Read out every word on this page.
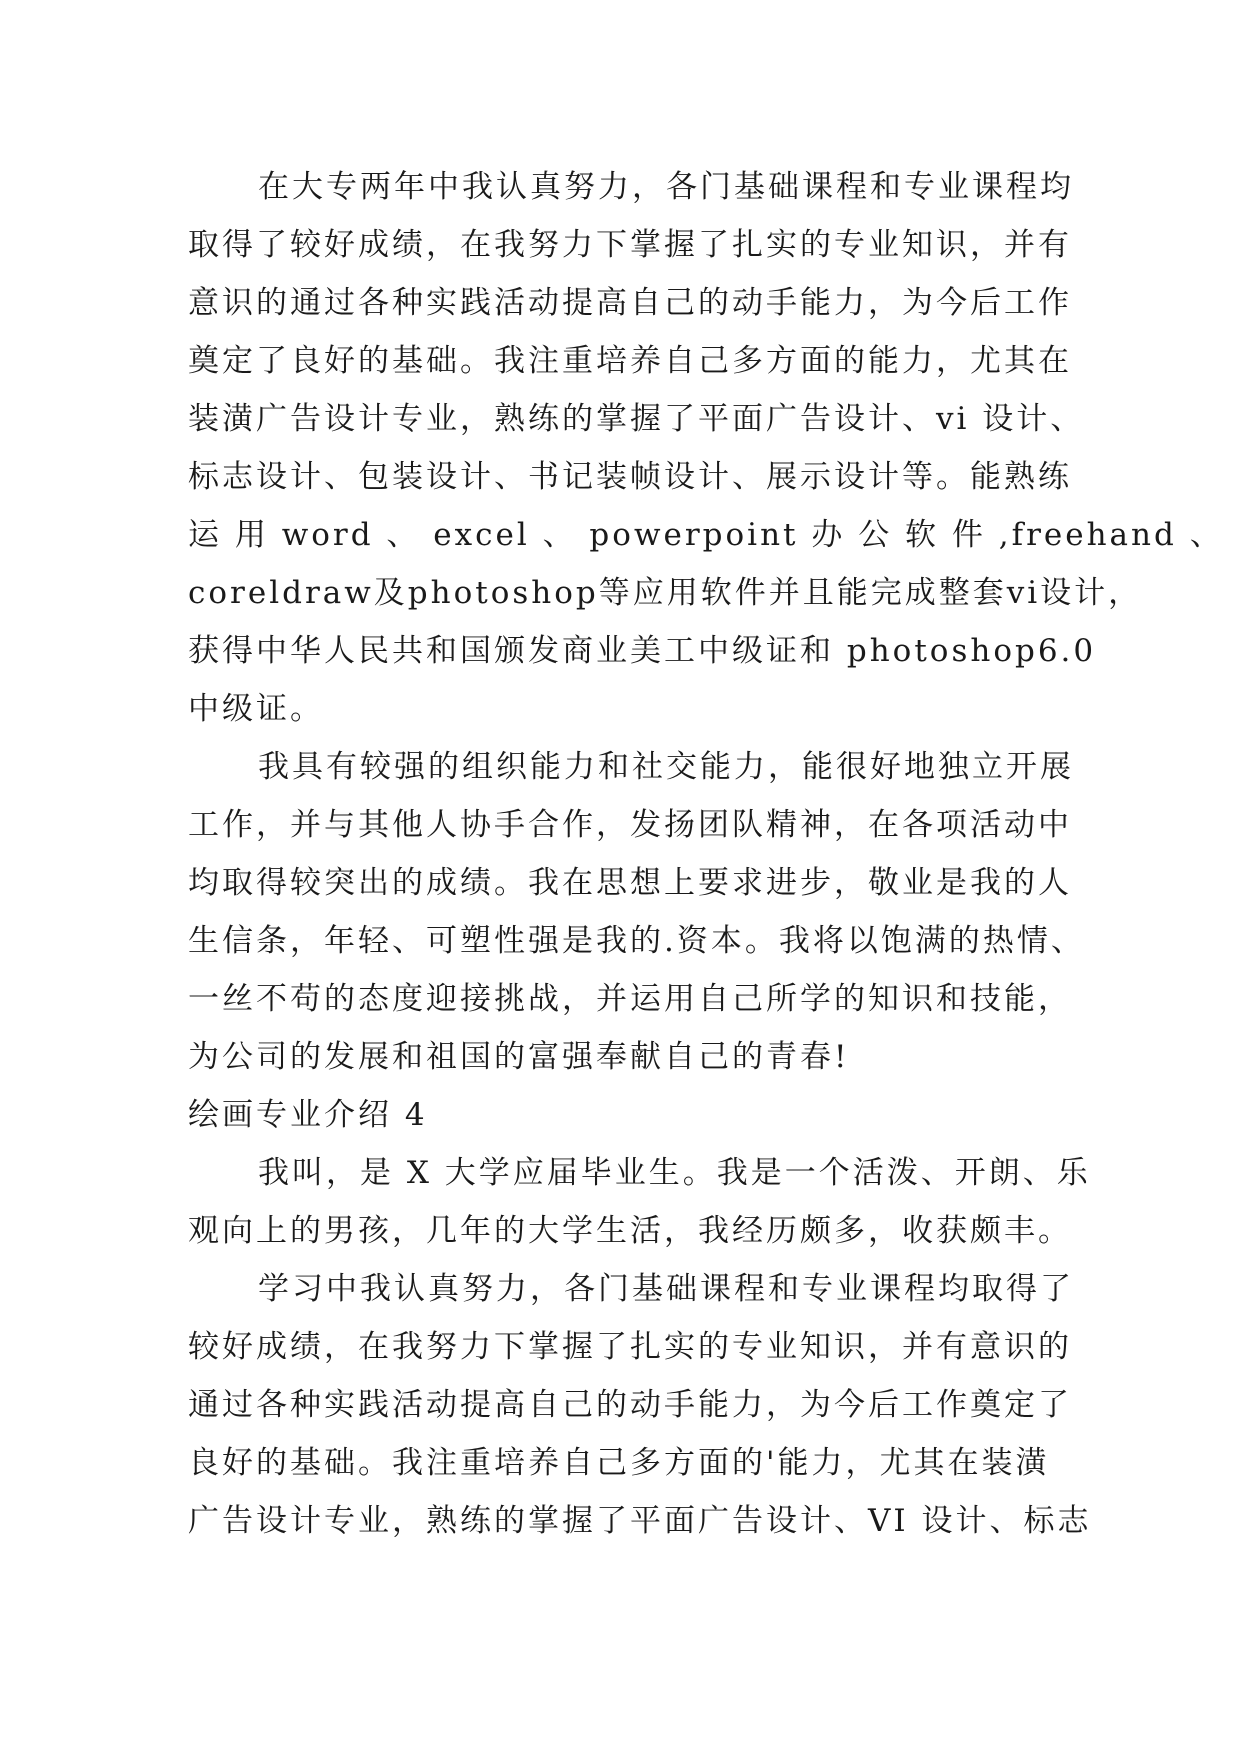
在大专两年中我认真努力，各门基础课程和专业课程均
取得了较好成绩，在我努力下掌握了扎实的专业知识，并有
意识的通过各种实践活动提高自己的动手能力，为今后工作
奠定了良好的基础。我注重培养自己多方面的能力，尤其在
装潢广告设计专业，熟练的掌握了平面广告设计、vi 设计、
标志设计、包装设计、书记装帧设计、展示设计等。能熟练
运 用 word 、 excel 、 powerpoint 办 公 软 件 ,freehand 、
coreldraw及photoshop等应用软件并且能完成整套vi设计，
获得中华人民共和国颁发商业美工中级证和 photoshop6.0
中级证。
我具有较强的组织能力和社交能力，能很好地独立开展
工作，并与其他人协手合作，发扬团队精神，在各项活动中
均取得较突出的成绩。我在思想上要求进步，敬业是我的人
生信条，年轻、可塑性强是我的.资本。我将以饱满的热情、
一丝不苟的态度迎接挑战，并运用自己所学的知识和技能，
为公司的发展和祖国的富强奉献自己的青春!
绘画专业介绍 4
我叫，是 X 大学应届毕业生。我是一个活泼、开朗、乐
观向上的男孩，几年的大学生活，我经历颇多，收获颇丰。
学习中我认真努力，各门基础课程和专业课程均取得了
较好成绩，在我努力下掌握了扎实的专业知识，并有意识的
通过各种实践活动提高自己的动手能力，为今后工作奠定了
良好的基础。我注重培养自己多方面的'能力，尤其在装潢
广告设计专业，熟练的掌握了平面广告设计、VI 设计、标志
